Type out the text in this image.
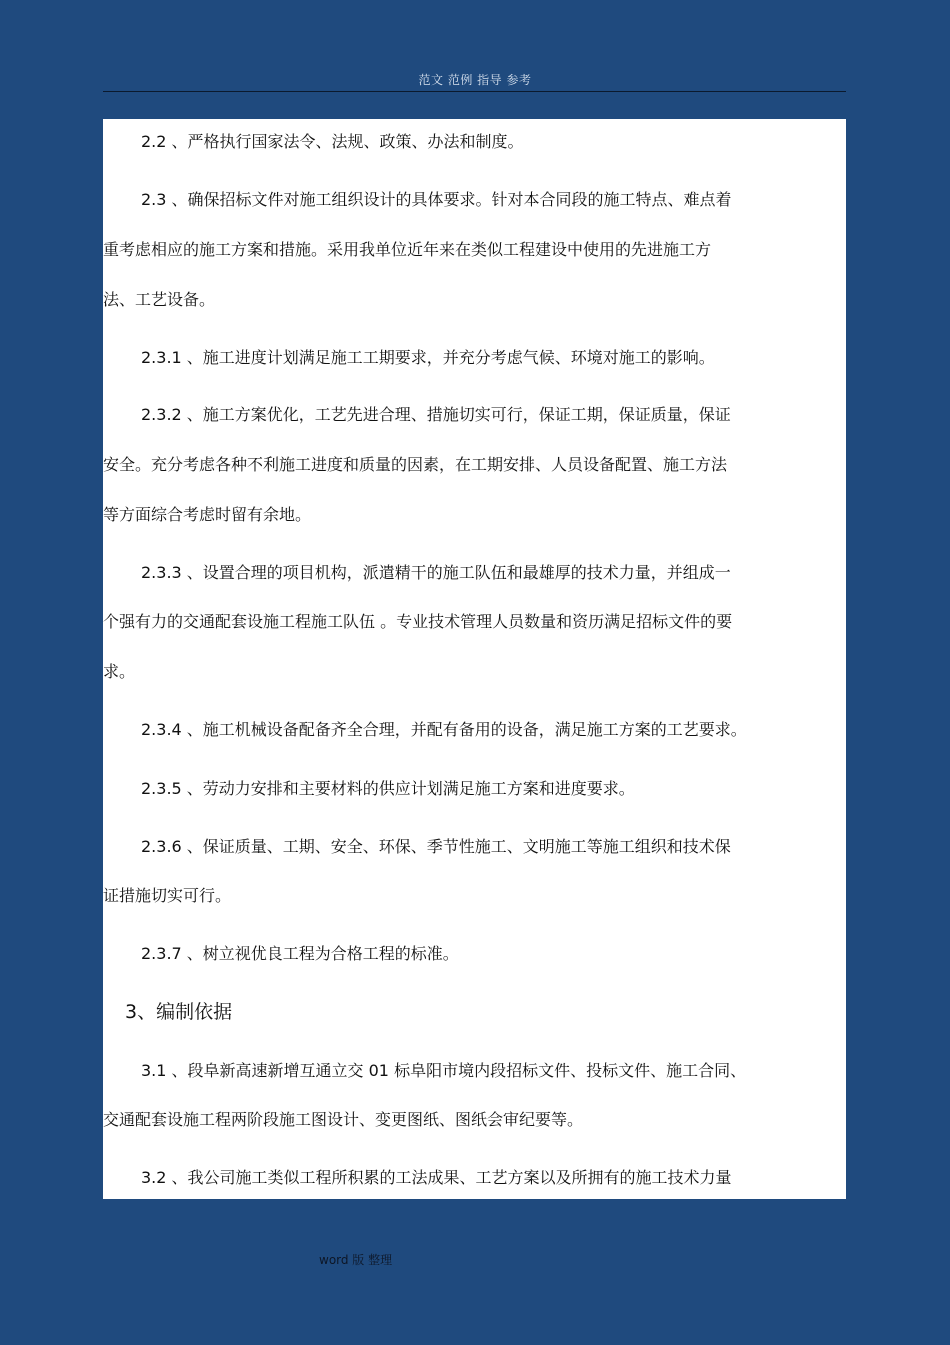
范文 范例 指导 参考
2.2 、严格执行国家法令、法规、政策、办法和制度。
2.3 、确保招标文件对施工组织设计的具体要求。针对本合同段的施工特点、难点着
重考虑相应的施工方案和措施。采用我单位近年来在类似工程建设中使用的先进施工方
法、工艺设备。
2.3.1 、施工进度计划满足施工工期要求，并充分考虑气候、环境对施工的影响。
2.3.2 、施工方案优化，工艺先进合理、措施切实可行，保证工期，保证质量，保证
安全。充分考虑各种不利施工进度和质量的因素，在工期安排、人员设备配置、施工方法
等方面综合考虑时留有余地。
2.3.3 、设置合理的项目机构，派遣精干的施工队伍和最雄厚的技术力量，并组成一
个强有力的交通配套设施工程施工队伍 。专业技术管理人员数量和资历满足招标文件的要
求。
2.3.4 、施工机械设备配备齐全合理，并配有备用的设备，满足施工方案的工艺要求。
2.3.5 、劳动力安排和主要材料的供应计划满足施工方案和进度要求。
2.3.6 、保证质量、工期、安全、环保、季节性施工、文明施工等施工组织和技术保
证措施切实可行。
2.3.7 、树立视优良工程为合格工程的标准。
3、编制依据
3.1 、段阜新高速新增互通立交 01 标阜阳市境内段招标文件、投标文件、施工合同、
交通配套设施工程两阶段施工图设计、变更图纸、图纸会审纪要等。
3.2 、我公司施工类似工程所积累的工法成果、工艺方案以及所拥有的施工技术力量
word 版 整理
